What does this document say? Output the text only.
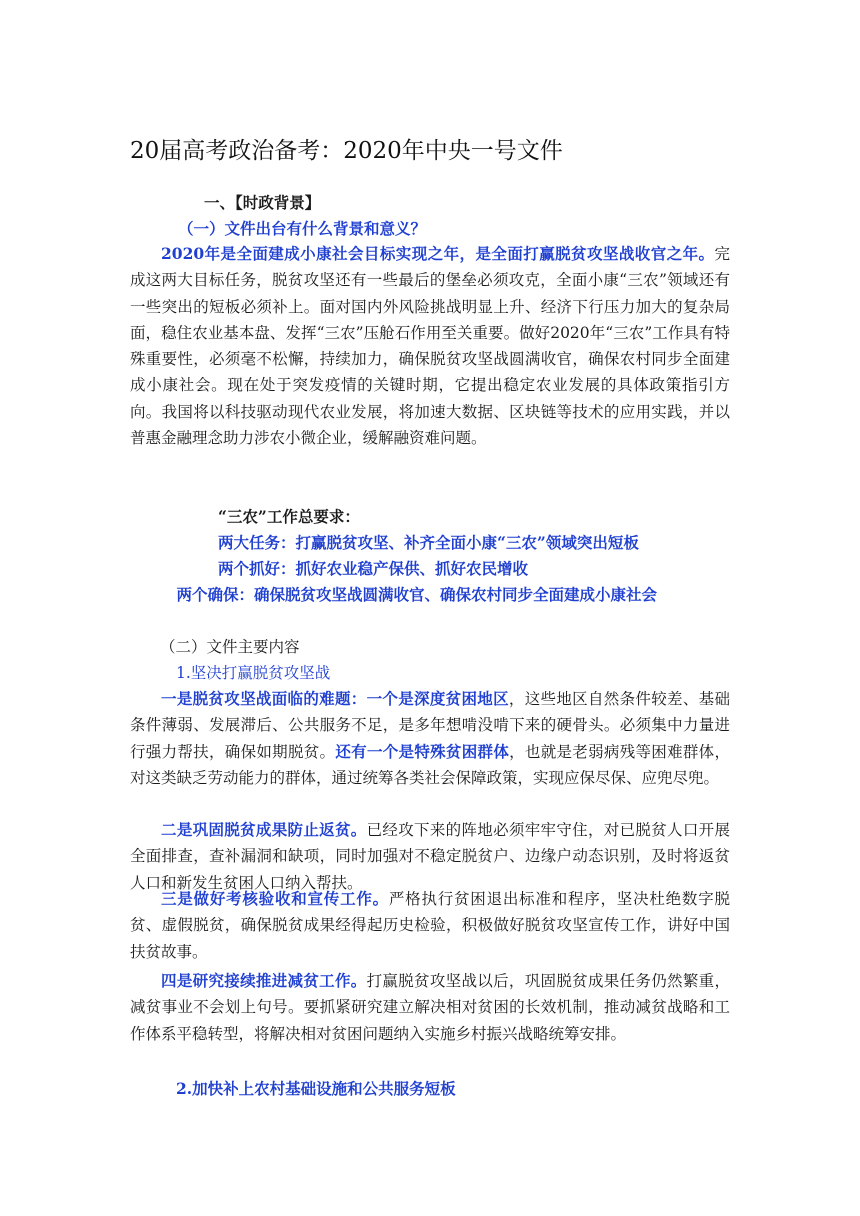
20届高考政治备考：2020年中央一号文件
一、【时政背景】
（一）文件出台有什么背景和意义？
2020年是全面建成小康社会目标实现之年，是全面打赢脱贫攻坚战收官之年。完成这两大目标任务，脱贫攻坚还有一些最后的堡垒必须攻克，全面小康“三农”领域还有一些突出的短板必须补上。面对国内外风险挑战明显上升、经济下行压力加大的复杂局面，稳住农业基本盘、发挥“三农”压舱石作用至关重要。做好2020年“三农”工作具有特殊重要性，必须毫不松懈，持续加力，确保脱贫攻坚战圆满收官，确保农村同步全面建成小康社会。现在处于突发疫情的关键时期，它提出稳定农业发展的具体政策指引方向。我国将以科技驱动现代农业发展，将加速大数据、区块链等技术的应用实践，并以普惠金融理念助力涉农小微企业，缓解融资难问题。
“三农”工作总要求：
两大任务：打赢脱贫攻坚、补齐全面小康“三农”领域突出短板
两个抓好：抓好农业稳产保供、抓好农民增收
两个确保：确保脱贫攻坚战圆满收官、确保农村同步全面建成小康社会
（二）文件主要内容
1.坚决打赢脱贫攻坚战
一是脱贫攻坚战面临的难题：一个是深度贫困地区，这些地区自然条件较差、基础条件薄弱、发展滞后、公共服务不足，是多年想啃没啃下来的硬骨头。必须集中力量进行强力帮扶，确保如期脱贫。还有一个是特殊贫困群体，也就是老弱病残等困难群体，对这类缺乏劳动能力的群体，通过统筹各类社会保障政策，实现应保尽保、应兜尽兜。
二是巩固脱贫成果防止返贫。已经攻下来的阵地必须牢牢守住，对已脱贫人口开展全面排查，查补漏洞和缺项，同时加强对不稳定脱贫户、边缘户动态识别，及时将返贫人口和新发生贫困人口纳入帮扶。
三是做好考核验收和宣传工作。严格执行贫困退出标准和程序，坚决杜绝数字脱贫、虚假脱贫，确保脱贫成果经得起历史检验，积极做好脱贫攻坚宣传工作，讲好中国扶贫故事。
四是研究接续推进减贫工作。打赢脱贫攻坚战以后，巩固脱贫成果任务仍然繁重，减贫事业不会划上句号。要抓紧研究建立解决相对贫困的长效机制，推动减贫战略和工作体系平稳转型，将解决相对贫困问题纳入实施乡村振兴战略统筹安排。
2.加快补上农村基础设施和公共服务短板
